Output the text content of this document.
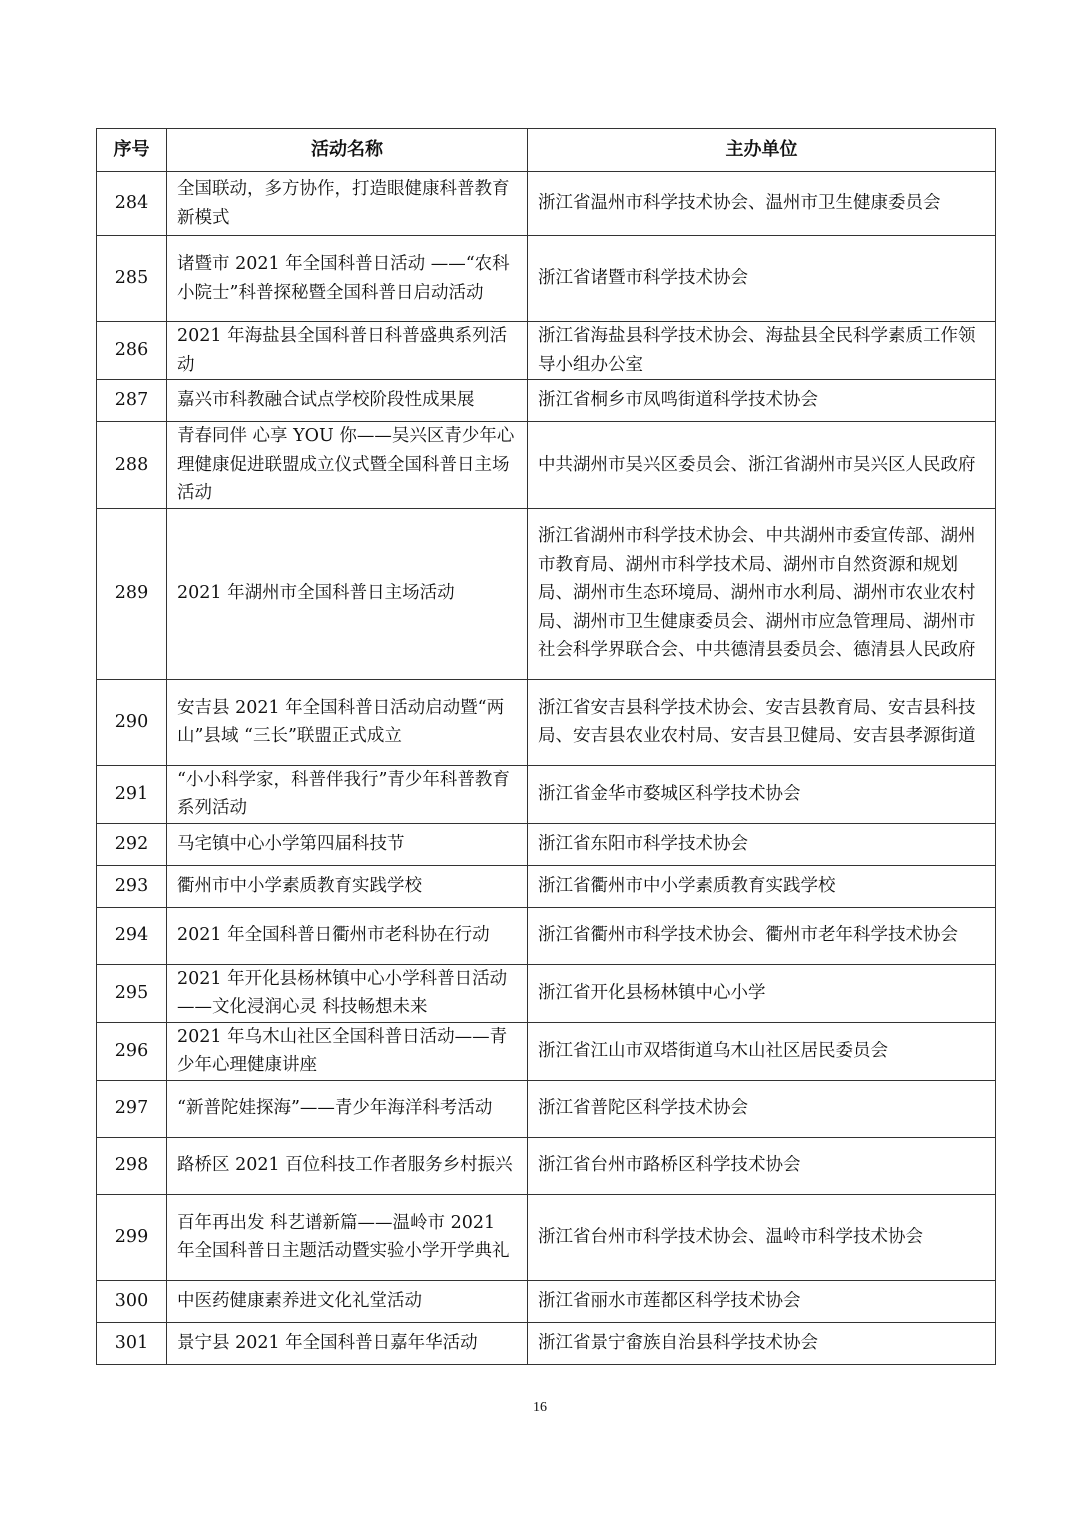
序号	活动名称	主办单位
284	全国联动，多方协作，打造眼健康科普教育新模式	浙江省温州市科学技术协会、温州市卫生健康委员会
285	诸暨市 2021 年全国科普日活动 ——“农科小院士”科普探秘暨全国科普日启动活动	浙江省诸暨市科学技术协会
286	2021 年海盐县全国科普日科普盛典系列活动	浙江省海盐县科学技术协会、海盐县全民科学素质工作领导小组办公室
287	嘉兴市科教融合试点学校阶段性成果展	浙江省桐乡市凤鸣街道科学技术协会
288	青春同伴 心享 YOU 你——吴兴区青少年心理健康促进联盟成立仪式暨全国科普日主场活动	中共湖州市吴兴区委员会、浙江省湖州市吴兴区人民政府
289	2021 年湖州市全国科普日主场活动	浙江省湖州市科学技术协会、中共湖州市委宣传部、湖州市教育局、湖州市科学技术局、湖州市自然资源和规划局、湖州市生态环境局、湖州市水利局、湖州市农业农村局、湖州市卫生健康委员会、湖州市应急管理局、湖州市社会科学界联合会、中共德清县委员会、德清县人民政府
290	安吉县 2021 年全国科普日活动启动暨“两山”县域 “三长”联盟正式成立	浙江省安吉县科学技术协会、安吉县教育局、安吉县科技局、安吉县农业农村局、安吉县卫健局、安吉县孝源街道
291	“小小科学家，科普伴我行”青少年科普教育系列活动	浙江省金华市婺城区科学技术协会
292	马宅镇中心小学第四届科技节	浙江省东阳市科学技术协会
293	衢州市中小学素质教育实践学校	浙江省衢州市中小学素质教育实践学校
294	2021 年全国科普日衢州市老科协在行动	浙江省衢州市科学技术协会、衢州市老年科学技术协会
295	2021 年开化县杨林镇中心小学科普日活动——文化浸润心灵 科技畅想未来	浙江省开化县杨林镇中心小学
296	2021 年乌木山社区全国科普日活动——青少年心理健康讲座	浙江省江山市双塔街道乌木山社区居民委员会
297	“新普陀娃探海”——青少年海洋科考活动	浙江省普陀区科学技术协会
298	路桥区 2021 百位科技工作者服务乡村振兴	浙江省台州市路桥区科学技术协会
299	百年再出发 科艺谱新篇——温岭市 2021 年全国科普日主题活动暨实验小学开学典礼	浙江省台州市科学技术协会、温岭市科学技术协会
300	中医药健康素养进文化礼堂活动	浙江省丽水市莲都区科学技术协会
301	景宁县 2021 年全国科普日嘉年华活动	浙江省景宁畲族自治县科学技术协会
16
